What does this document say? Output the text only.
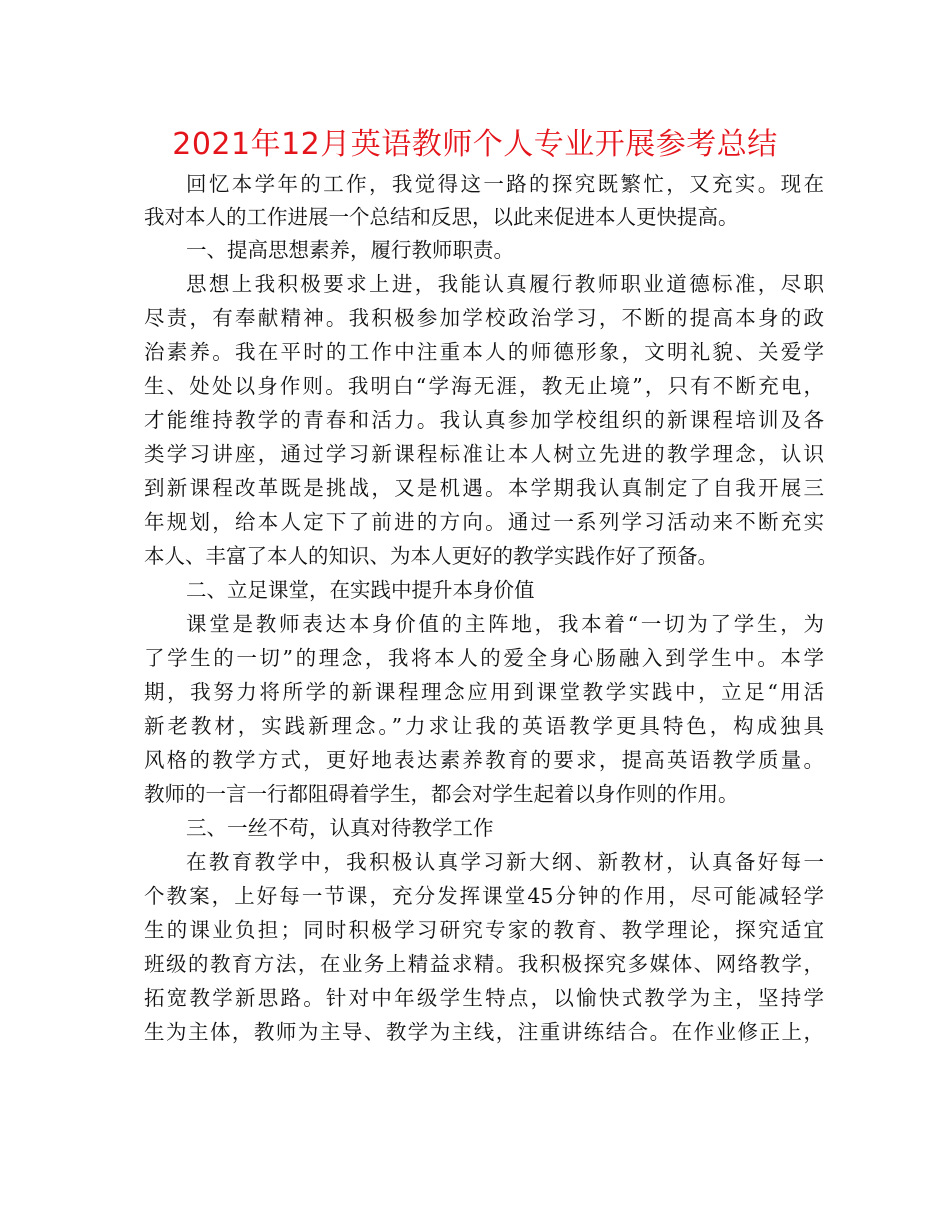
2021年12月英语教师个人专业开展参考总结
回忆本学年的工作，我觉得这一路的探究既繁忙，又充实。现在
我对本人的工作进展一个总结和反思，以此来促进本人更快提高。
一、提高思想素养，履行教师职责。
思想上我积极要求上进，我能认真履行教师职业道德标准，尽职
尽责，有奉献精神。我积极参加学校政治学习，不断的提高本身的政
治素养。我在平时的工作中注重本人的师德形象，文明礼貌、关爱学
生、处处以身作则。我明白“学海无涯，教无止境”，只有不断充电，
才能维持教学的青春和活力。我认真参加学校组织的新课程培训及各
类学习讲座，通过学习新课程标准让本人树立先进的教学理念，认识
到新课程改革既是挑战，又是机遇。本学期我认真制定了自我开展三
年规划，给本人定下了前进的方向。通过一系列学习活动来不断充实
本人、丰富了本人的知识、为本人更好的教学实践作好了预备。
二、立足课堂，在实践中提升本身价值
课堂是教师表达本身价值的主阵地，我本着“一切为了学生，为
了学生的一切”的理念，我将本人的爱全身心肠融入到学生中。本学
期，我努力将所学的新课程理念应用到课堂教学实践中，立足“用活
新老教材，实践新理念。”力求让我的英语教学更具特色，构成独具
风格的教学方式，更好地表达素养教育的要求，提高英语教学质量。
教师的一言一行都阻碍着学生，都会对学生起着以身作则的作用。
三、一丝不苟，认真对待教学工作
在教育教学中，我积极认真学习新大纲、新教材，认真备好每一
个教案，上好每一节课，充分发挥课堂45分钟的作用，尽可能减轻学
生的课业负担；同时积极学习研究专家的教育、教学理论，探究适宜
班级的教育方法，在业务上精益求精。我积极探究多媒体、网络教学，
拓宽教学新思路。针对中年级学生特点，以愉快式教学为主，坚持学
生为主体，教师为主导、教学为主线，注重讲练结合。在作业修正上，
